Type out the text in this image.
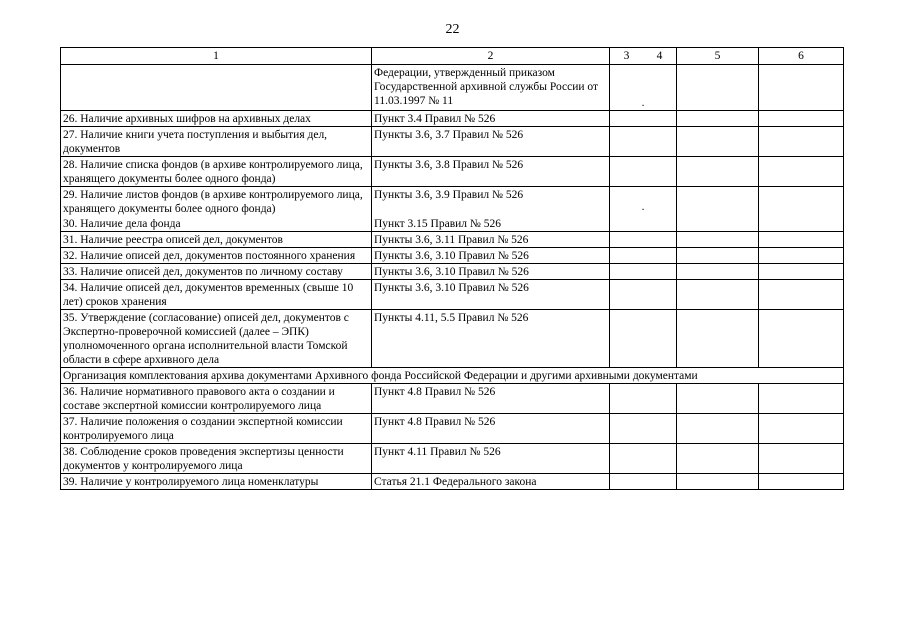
22
1	2	3 4	5	6
	Федерации, утвержденный приказом Государственной архивной службы России от 11.03.1997 № 11	·		

26. Наличие архивных шифров на архивных делах	Пункт 3.4 Правил № 526			
27. Наличие книги учета поступления и выбытия дел, документов	Пункты 3.6, 3.7 Правил № 526			
28. Наличие списка фондов (в архиве контролируемого лица, хранящего документы более одного фонда)	Пункты 3.6, 3.8 Правил № 526			
29. Наличие листов фондов (в архиве контролируемого лица, хранящего документы более одного фонда)	Пункты 3.6, 3.9 Правил № 526	·		

30. Наличие дела фонда	Пункт 3.15 Правил № 526			
31. Наличие реестра описей дел, документов	Пункты 3.6, 3.11 Правил № 526			
32. Наличие описей дел, документов постоянного хранения	Пункты 3.6, 3.10 Правил № 526			
33. Наличие описей дел, документов по личному составу	Пункты 3.6, 3.10 Правил № 526			
34. Наличие описей дел, документов временных (свыше 10 лет) сроков хранения	Пункты 3.6, 3.10 Правил № 526			
35. Утверждение (согласование) описей дел, документов с Экспертно-проверочной комиссией (далее – ЭПК) уполномоченного органа исполнительной власти Томской области в сфере архивного дела	Пункты 4.11, 5.5 Правил № 526			
Организация комплектования архива документами Архивного фонда Российской Федерации и другими архивными документами				
36. Наличие нормативного правового акта о создании и составе экспертной комиссии контролируемого лица	Пункт 4.8 Правил № 526			
37. Наличие положения о создании экспертной комиссии контролируемого лица	Пункт 4.8 Правил № 526			
38. Соблюдение сроков проведения экспертизы ценности документов у контролируемого лица	Пункт 4.11 Правил № 526			
39. Наличие у контролируемого лица номенклатуры	Статья 21.1 Федерального закона			
